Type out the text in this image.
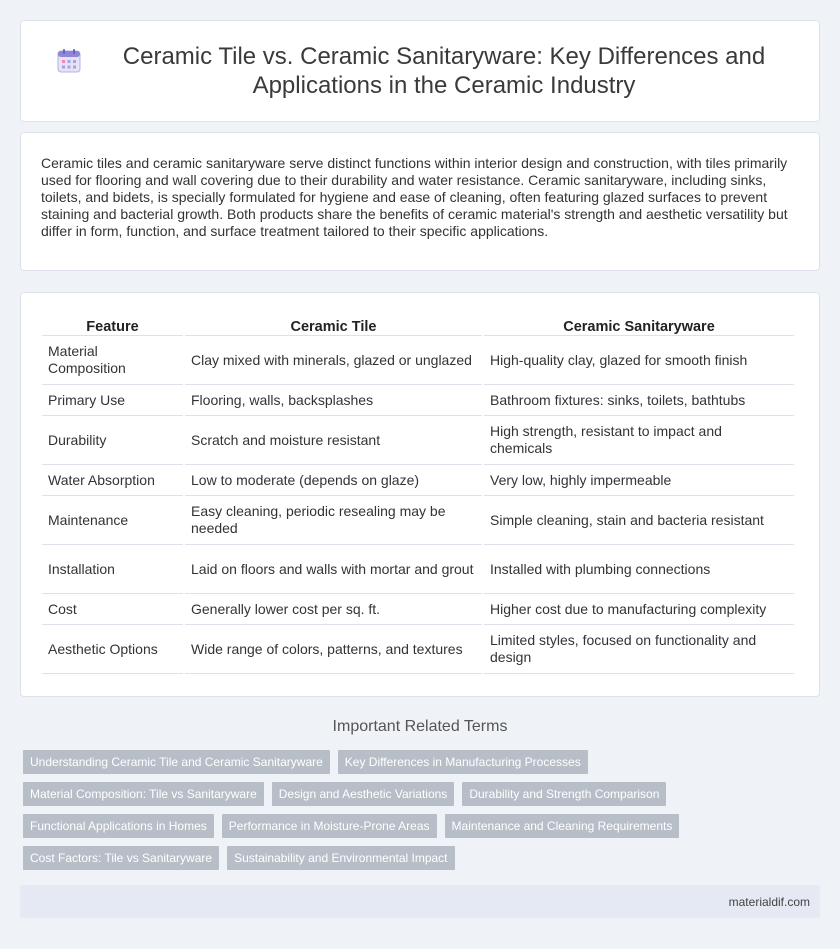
Ceramic Tile vs. Ceramic Sanitaryware: Key Differences and Applications in the Ceramic Industry

Ceramic tiles and ceramic sanitaryware serve distinct functions within interior design and construction, with tiles primarily used for flooring and wall covering due to their durability and water resistance. Ceramic sanitaryware, including sinks, toilets, and bidets, is specially formulated for hygiene and ease of cleaning, often featuring glazed surfaces to prevent staining and bacterial growth. Both products share the benefits of ceramic material's strength and aesthetic versatility but differ in form, function, and surface treatment tailored to their specific applications.

Feature	Ceramic Tile	Ceramic Sanitaryware
Material Composition	Clay mixed with minerals, glazed or unglazed	High-quality clay, glazed for smooth finish
Primary Use	Flooring, walls, backsplashes	Bathroom fixtures: sinks, toilets, bathtubs
Durability	Scratch and moisture resistant	High strength, resistant to impact and chemicals
Water Absorption	Low to moderate (depends on glaze)	Very low, highly impermeable
Maintenance	Easy cleaning, periodic resealing may be needed	Simple cleaning, stain and bacteria resistant
Installation	Laid on floors and walls with mortar and grout	Installed with plumbing connections
Cost	Generally lower cost per sq. ft.	Higher cost due to manufacturing complexity
Aesthetic Options	Wide range of colors, patterns, and textures	Limited styles, focused on functionality and design
Important Related Terms
Understanding Ceramic Tile and Ceramic Sanitaryware	Key Differences in Manufacturing Processes
Material Composition: Tile vs Sanitaryware	Design and Aesthetic Variations	Durability and Strength Comparison
Functional Applications in Homes	Performance in Moisture-Prone Areas	Maintenance and Cleaning Requirements
Cost Factors: Tile vs Sanitaryware	Sustainability and Environmental Impact
materialdif.com
